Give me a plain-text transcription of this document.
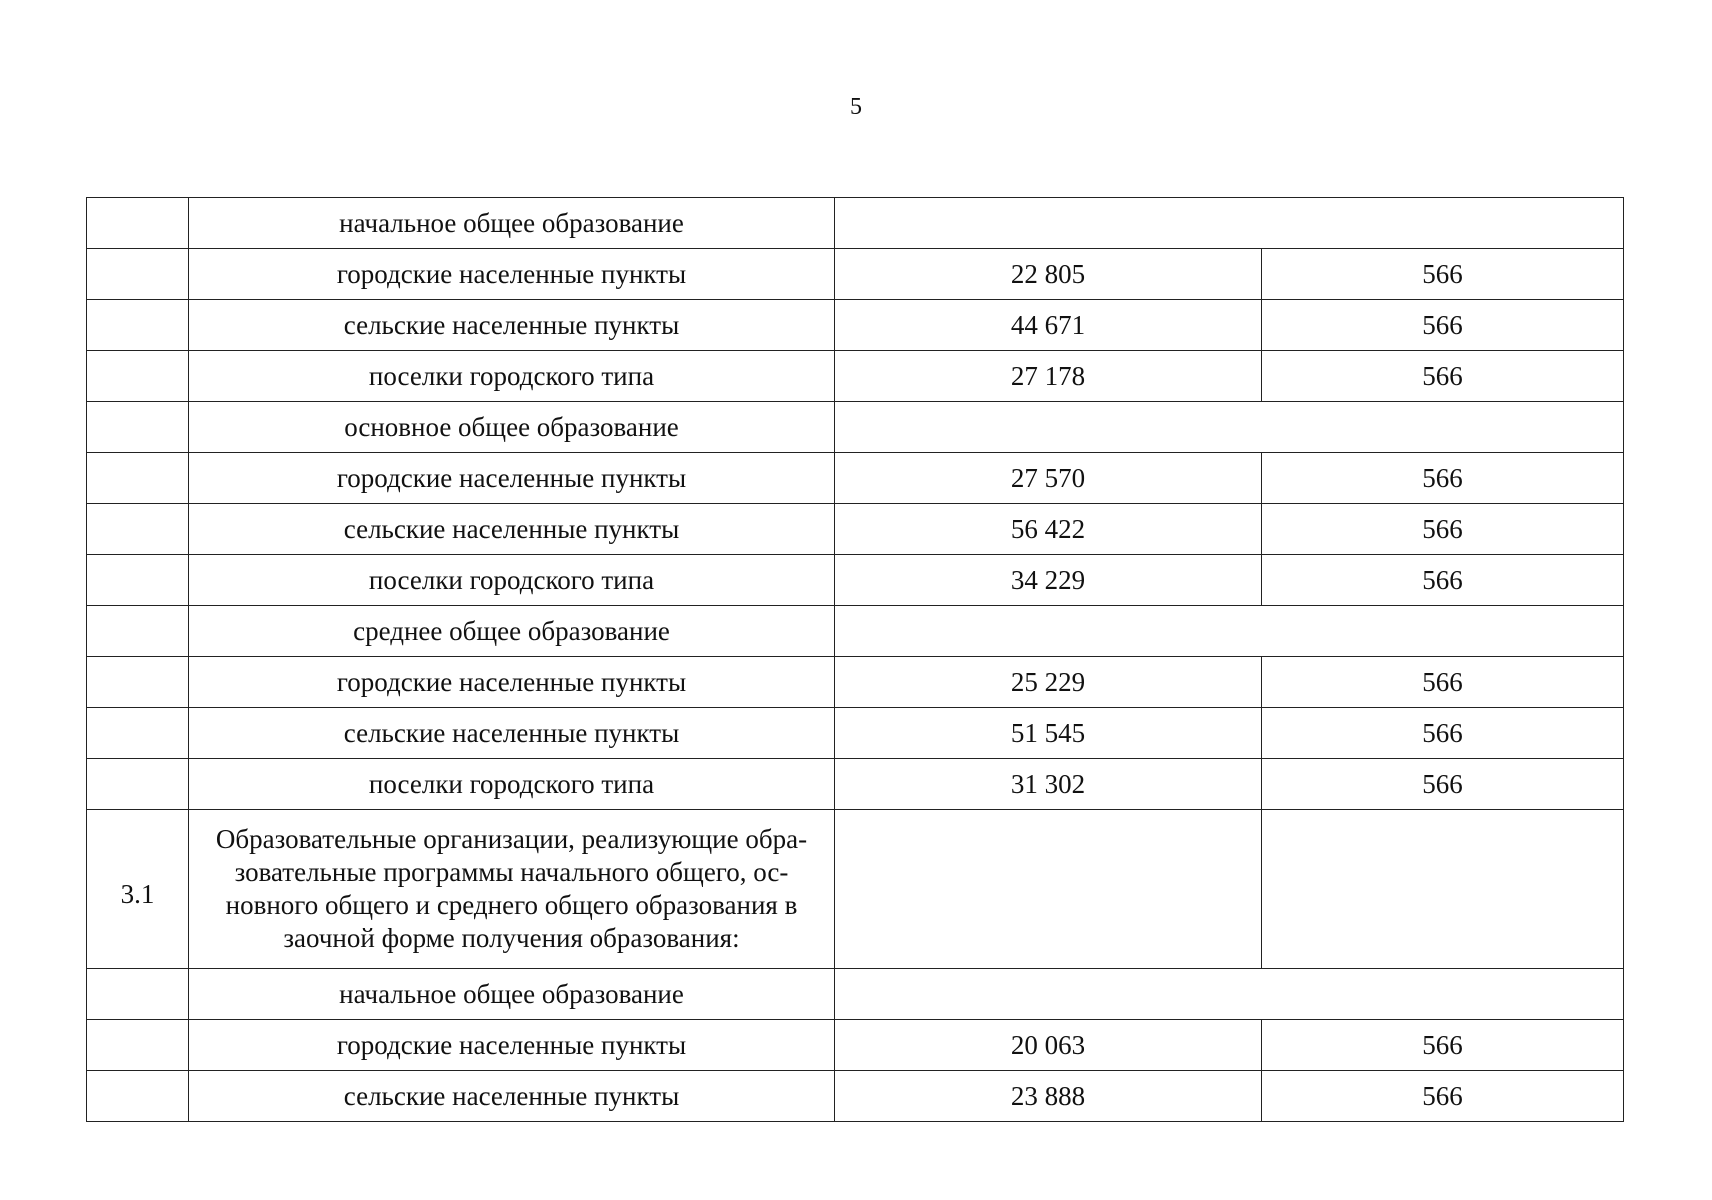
5
	начальное общее образование		
	городские населенные пункты	22 805	566
	сельские населенные пункты	44 671	566
	поселки городского типа	27 178	566
	основное общее образование		
	городские населенные пункты	27 570	566
	сельские населенные пункты	56 422	566
	поселки городского типа	34 229	566
	среднее общее образование		
	городские населенные пункты	25 229	566
	сельские населенные пункты	51 545	566
	поселки городского типа	31 302	566
3.1	Образовательные организации, реализующие обра-зовательные программы начального общего, ос-новного общего и среднего общего образования в заочной форме получения образования:		
	начальное общее образование		
	городские населенные пункты	20 063	566
	сельские населенные пункты	23 888	566
